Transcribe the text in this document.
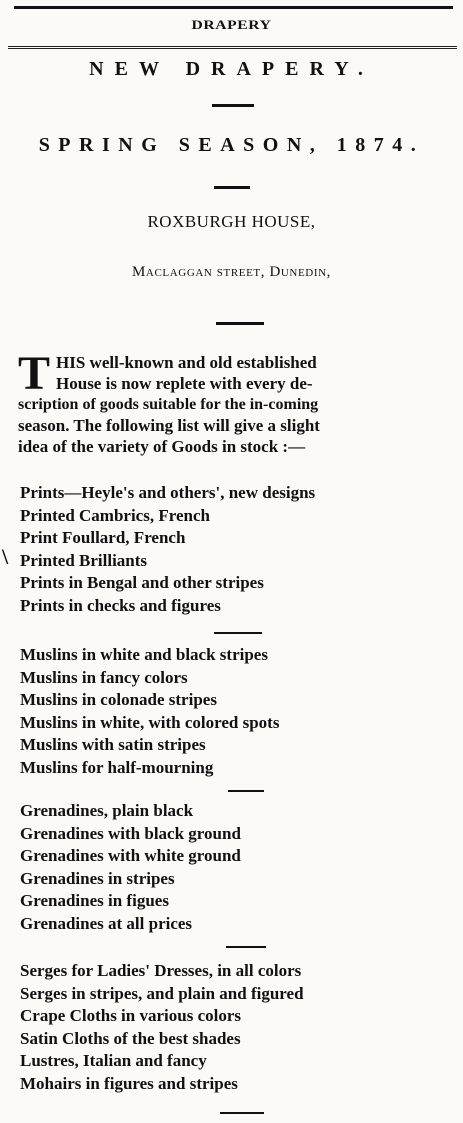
DRAPERY
NEW DRAPERY.
SPRING SEASON, 1874.
ROXBURGH HOUSE,
Maclaggan street, Dunedin,
T HIS well-known and old established
House is now replete with every de-
scription of goods suitable for the in-coming
season. The following list will give a slight
idea of the variety of Goods in stock :—
\
Prints—Heyle's and others', new designs
Printed Cambrics, French
Print Foullard, French
Printed Brilliants
Prints in Bengal and other stripes
Prints in checks and figures
Muslins in white and black stripes
Muslins in fancy colors
Muslins in colonade stripes
Muslins in white, with colored spots
Muslins with satin stripes
Muslins for half-mourning
Grenadines, plain black
Grenadines with black ground
Grenadines with white ground
Grenadines in stripes
Grenadines in figues
Grenadines at all prices
Serges for Ladies' Dresses, in all colors
Serges in stripes, and plain and figured
Crape Cloths in various colors
Satin Cloths of the best shades
Lustres, Italian and fancy
Mohairs in figures and stripes
